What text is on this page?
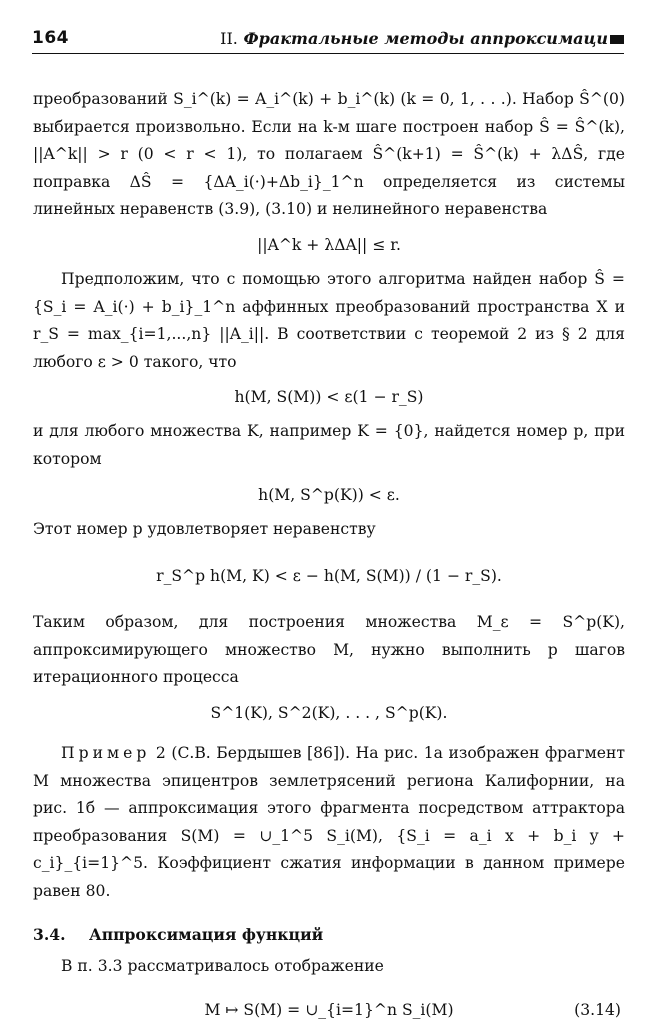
164	II. Фрактальные методы аппроксимаци

преобразований S_i^(k) = A_i^(k) + b_i^(k) (k = 0, 1, . . .). Набор Ŝ^(0) выбирается произвольно. Если на k-м шаге построен набор Ŝ = Ŝ^(k), ||A^k|| > r (0 < r < 1), то полагаем Ŝ^(k+1) = Ŝ^(k) + λΔŜ, где поправка ΔŜ = {ΔA_i(·)+Δb_i}_1^n определяется из системы линейных неравенств (3.9), (3.10) и нелинейного неравенства

||A^k + λΔA|| ≤ r.

Предположим, что с помощью этого алгоритма найден набор Ŝ = {S_i = A_i(·) + b_i}_1^n аффинных преобразований пространства X и r_S = max_{i=1,...,n} ||A_i||. В соответствии с теоремой 2 из § 2 для любого ε > 0 такого, что

h(M, S(M)) < ε(1 − r_S)

и для любого множества K, например K = {0}, найдется номер p, при котором

h(M, S^p(K)) < ε.

Этот номер p удовлетворяет неравенству

r_S^p h(M, K) < ε − h(M, S(M)) / (1 − r_S).

Таким образом, для построения множества M_ε = S^p(K), аппроксимирующего множество M, нужно выполнить p шагов итерационного процесса

S^1(K), S^2(K), . . . , S^p(K).

Пример 2 (С.В. Бердышев [86]). На рис. 1а изображен фрагмент M множества эпицентров землетрясений региона Калифорнии, на рис. 1б — аппроксимация этого фрагмента посредством аттрактора преобразования S(M) = ∪_1^5 S_i(M), {S_i = a_i x + b_i y + c_i}_{i=1}^5. Коэффициент сжатия информации в данном примере равен 80.

3.4. Аппроксимация функций

В п. 3.3 рассматривалось отображение

M ↦ S(M) = ∪_{i=1}^n S_i(M)	(3.14)
